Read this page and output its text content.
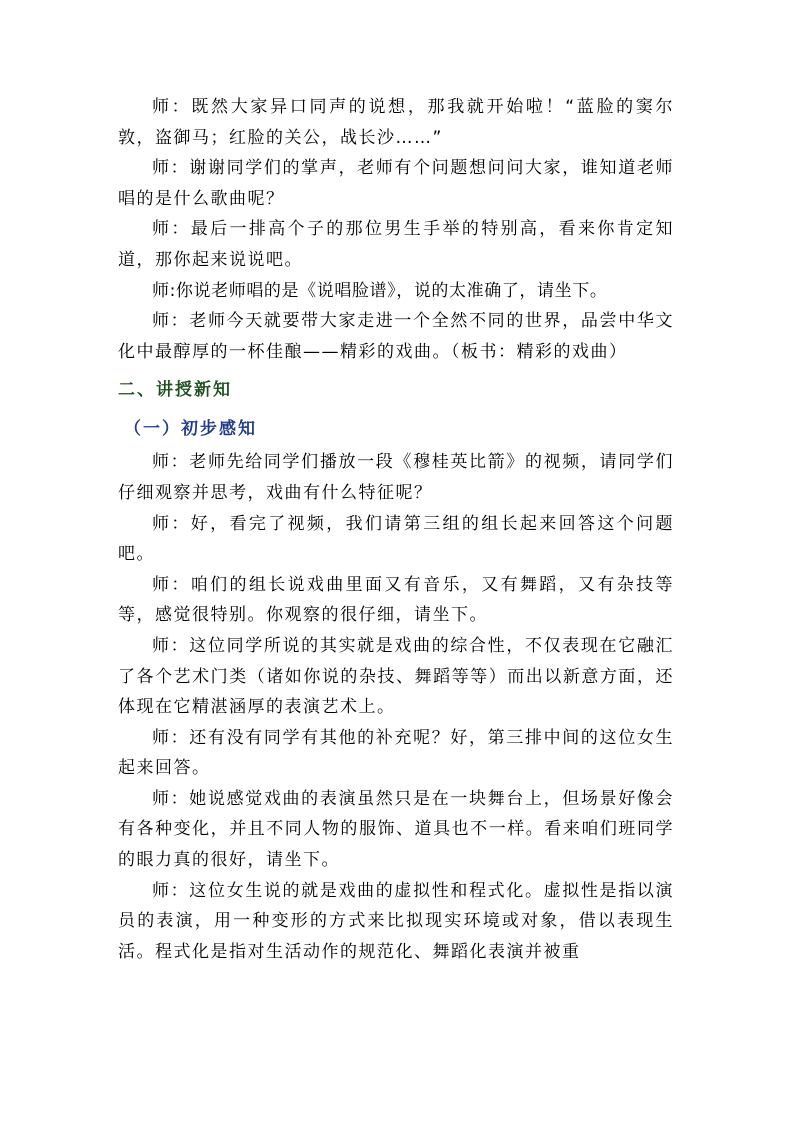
师：既然大家异口同声的说想，那我就开始啦！“蓝脸的窦尔敦，盗御马；红脸的关公，战长沙……”

师：谢谢同学们的掌声，老师有个问题想问问大家，谁知道老师唱的是什么歌曲呢？

师：最后一排高个子的那位男生手举的特别高，看来你肯定知道，那你起来说说吧。

师:你说老师唱的是《说唱脸谱》，说的太准确了，请坐下。

师：老师今天就要带大家走进一个全然不同的世界，品尝中华文化中最醇厚的一杯佳酿——精彩的戏曲。（板书：精彩的戏曲）

二、讲授新知
（一）初步感知

师：老师先给同学们播放一段《穆桂英比箭》的视频，请同学们仔细观察并思考，戏曲有什么特征呢？

师：好，看完了视频，我们请第三组的组长起来回答这个问题吧。

师：咱们的组长说戏曲里面又有音乐，又有舞蹈，又有杂技等等，感觉很特别。你观察的很仔细，请坐下。

师：这位同学所说的其实就是戏曲的综合性，不仅表现在它融汇了各个艺术门类（诸如你说的杂技、舞蹈等等）而出以新意方面，还体现在它精湛涵厚的表演艺术上。

师：还有没有同学有其他的补充呢？好，第三排中间的这位女生起来回答。

师：她说感觉戏曲的表演虽然只是在一块舞台上，但场景好像会有各种变化，并且不同人物的服饰、道具也不一样。看来咱们班同学的眼力真的很好，请坐下。

师：这位女生说的就是戏曲的虚拟性和程式化。虚拟性是指以演员的表演，用一种变形的方式来比拟现实环境或对象，借以表现生活。程式化是指对生活动作的规范化、舞蹈化表演并被重
